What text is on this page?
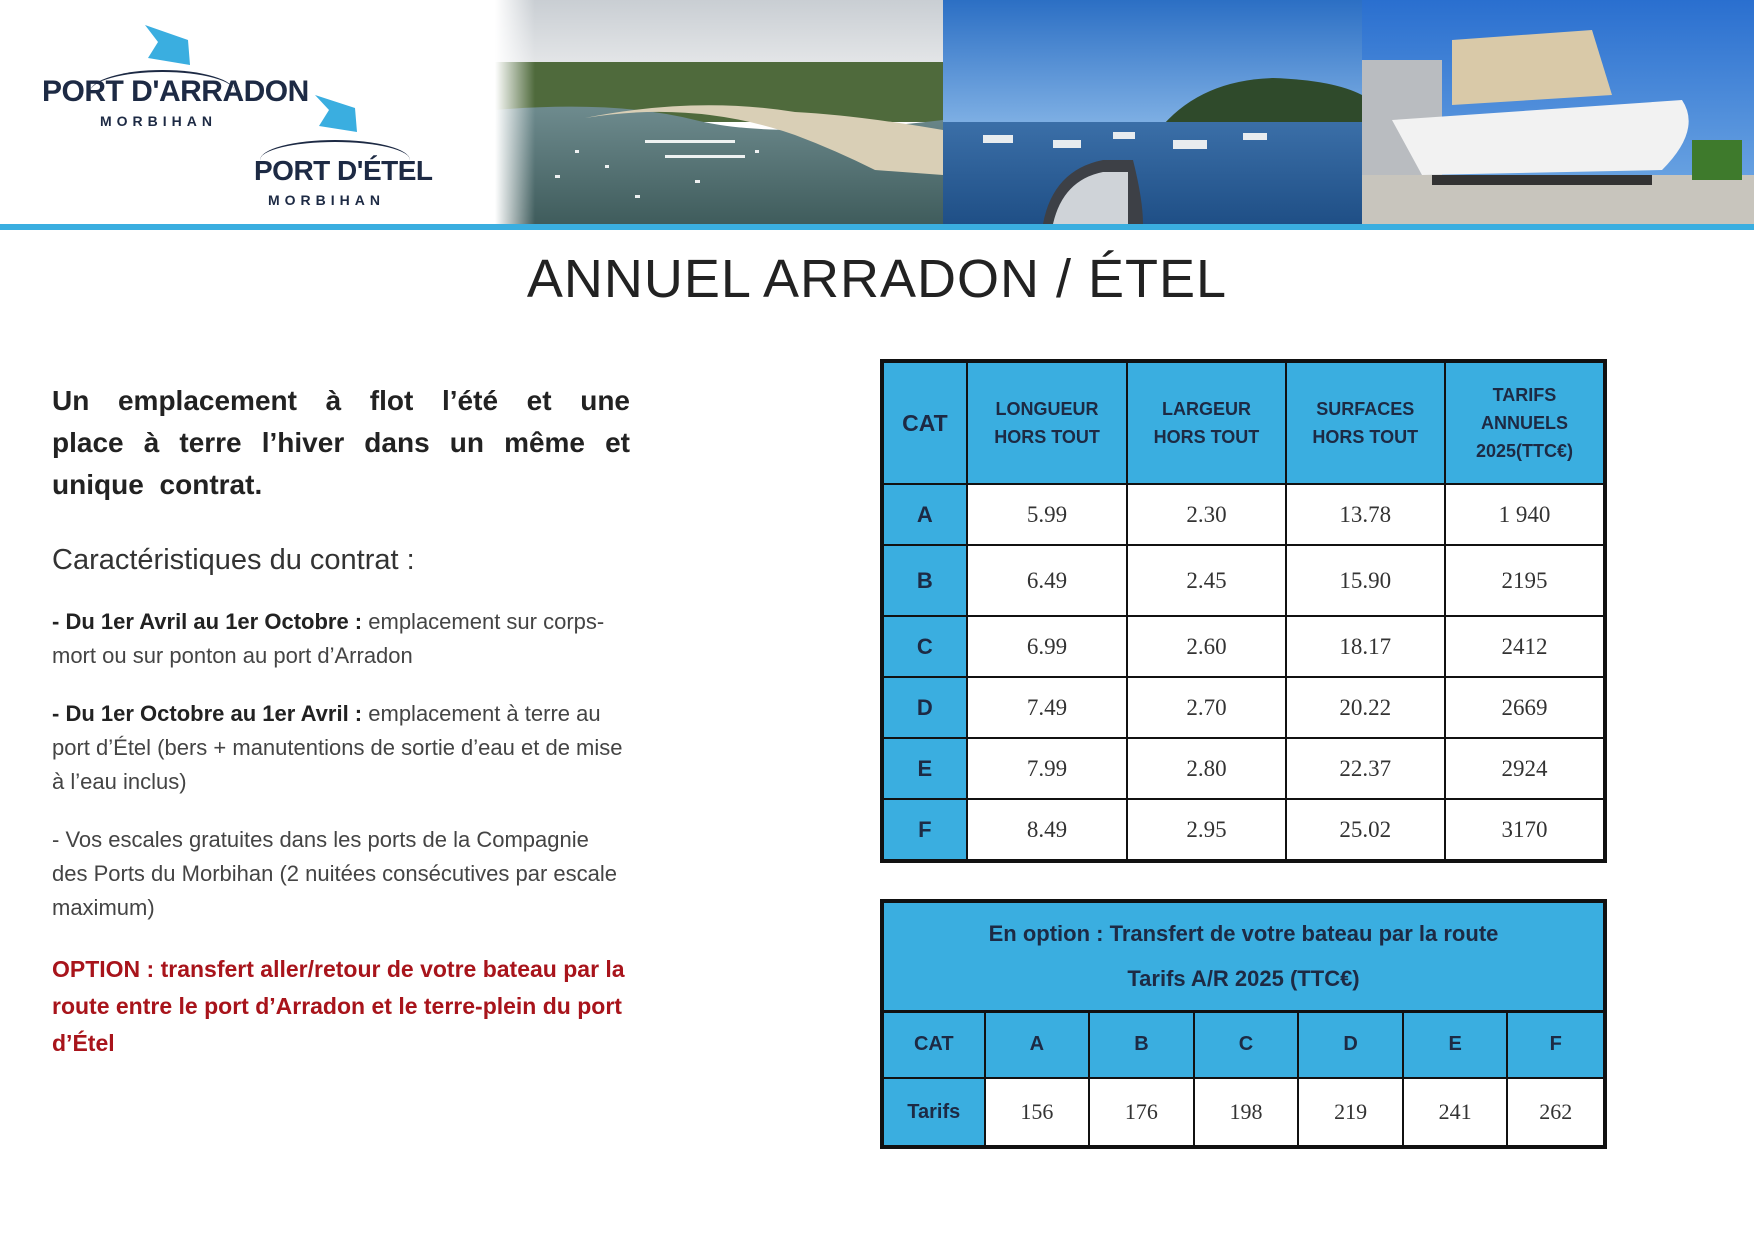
PORT D'ARRADON
MORBIHAN
PORT D'ÉTEL
MORBIHAN
ANNUEL ARRADON / ÉTEL

Un emplacement à flot l’été et une place à terre l’hiver dans un même et unique contrat.

Caractéristiques du contrat :

- Du 1er Avril au 1er Octobre : emplacement sur corps-mort ou sur ponton au port d’Arradon

- Du 1er Octobre au 1er Avril : emplacement à terre au port d’Étel (bers + manutentions de sortie d’eau et de mise à l’eau inclus)

- Vos escales gratuites dans les ports de la Compagnie des Ports du Morbihan (2 nuitées consécutives par escale maximum)

OPTION : transfert aller/retour de votre bateau par la route entre le port d’Arradon et le terre-plein du port d’Étel

CAT	LONGUEUR HORS TOUT	LARGEUR HORS TOUT	SURFACES HORS TOUT	TARIFS ANNUELS 2025(TTC€)
A	5.99	2.30	13.78	1 940
B	6.49	2.45	15.90	2195
C	6.99	2.60	18.17	2412
D	7.49	2.70	20.22	2669
E	7.99	2.80	22.37	2924
F	8.49	2.95	25.02	3170
En option : Transfert de votre bateau par la route
Tarifs A/R 2025 (TTC€)						

CAT	A	B	C	D	E	F
Tarifs	156	176	198	219	241	262
